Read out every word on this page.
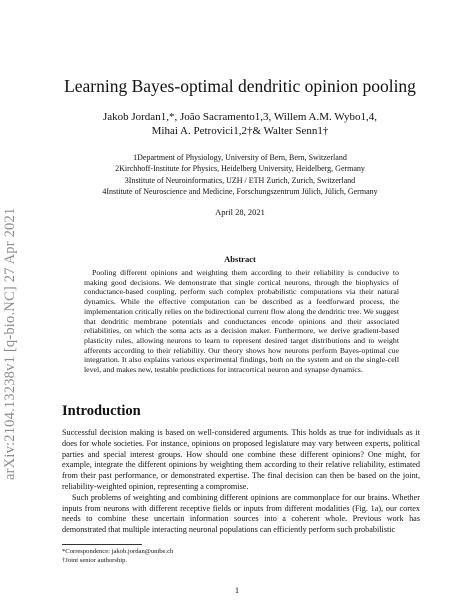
arXiv:2104.13238v1 [q-bio.NC] 27 Apr 2021
Learning Bayes-optimal dendritic opinion pooling
Jakob Jordan1,*, João Sacramento1,3, Willem A.M. Wybo1,4,
Mihai A. Petrovici1,2†& Walter Senn1†
1Department of Physiology, University of Bern, Bern, Switzerland
2Kirchhoff-Institute for Physics, Heidelberg University, Heidelberg, Germany
3Institute of Neuroinformatics, UZH / ETH Zurich, Zurich, Switzerland
4Institute of Neuroscience and Medicine, Forschungszentrum Jülich, Jülich, Germany
April 28, 2021
Abstract
Pooling different opinions and weighting them according to their reliability is conducive to making good decisions. We demonstrate that single cortical neurons, through the biophysics of conductance-based coupling, perform such complex probabilistic computations via their natural dynamics. While the effective computation can be described as a feedforward process, the implementation critically relies on the bidirectional current flow along the dendritic tree. We suggest that dendritic membrane potentials and conductances encode opinions and their associated reliabilities, on which the soma acts as a decision maker. Furthermore, we derive gradient-based plasticity rules, allowing neurons to learn to represent desired target distributions and to weight afferents according to their reliability. Our theory shows how neurons perform Bayes-optimal cue integration. It also explains various experimental findings, both on the system and on the single-cell level, and makes new, testable predictions for intracortical neuron and synapse dynamics.
Introduction

Successful decision making is based on well-considered arguments. This holds as true for individuals as it does for whole societies. For instance, opinions on proposed legislature may vary between experts, political parties and special interest groups. How should one combine these different opinions? One might, for example, integrate the different opinions by weighting them according to their relative reliability, estimated from their past performance, or demonstrated expertise. The final decision can then be based on the joint, reliability-weighted opinion, representing a compromise.

Such problems of weighting and combining different opinions are commonplace for our brains. Whether inputs from neurons with different receptive fields or inputs from different modalities (Fig. 1a), our cortex needs to combine these uncertain information sources into a coherent whole. Previous work has demonstrated that multiple interacting neuronal populations can efficiently perform such probabilistic

*Correspondence: jakob.jordan@unibe.ch
†Joint senior authorship.
1
